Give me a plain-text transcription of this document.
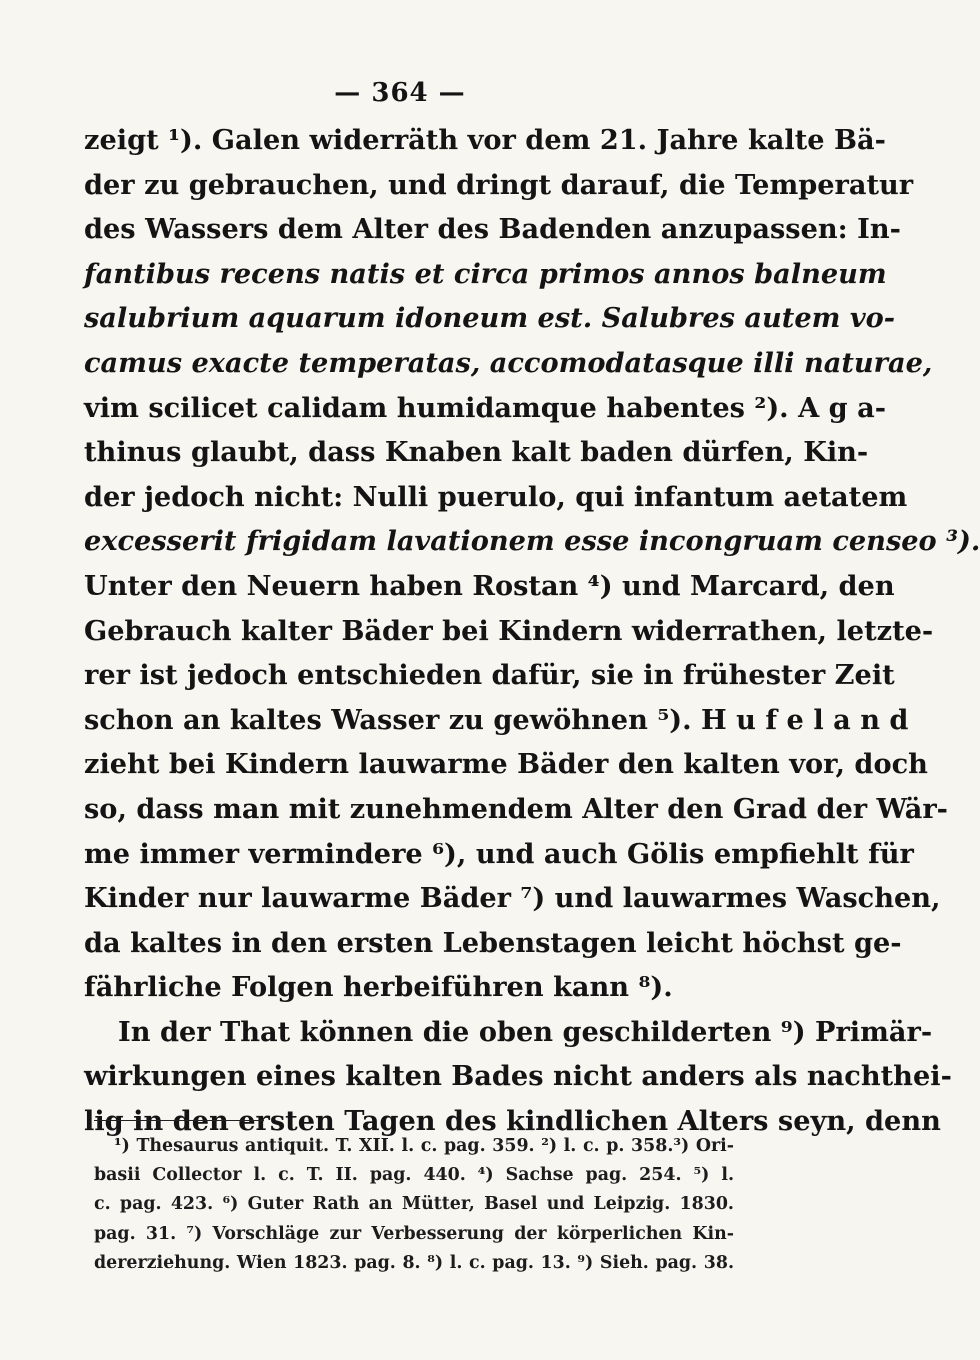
— 364 —
zeigt ¹). Galen widerräth vor dem 21. Jahre kalte Bä-
der zu gebrauchen, und dringt darauf, die Temperatur
des Wassers dem Alter des Badenden anzupassen: In-
fantibus recens natis et circa primos annos balneum
salubrium aquarum idoneum est. Salubres autem vo-
camus exacte temperatas, accomodatasque illi naturae,
vim scilicet calidam humidamque habentes ²). A g a-
thinus glaubt, dass Knaben kalt baden dürfen, Kin-
der jedoch nicht: Nulli puerulo, qui infantum aetatem
excesserit frigidam lavationem esse incongruam censeo ³).
Unter den Neuern haben Rostan ⁴) und Marcard, den
Gebrauch kalter Bäder bei Kindern widerrathen, letzte-
rer ist jedoch entschieden dafür, sie in frühester Zeit
schon an kaltes Wasser zu gewöhnen ⁵). H u f e l a n d
zieht bei Kindern lauwarme Bäder den kalten vor, doch
so, dass man mit zunehmendem Alter den Grad der Wär-
me immer vermindere ⁶), und auch Gölis empfiehlt für
Kinder nur lauwarme Bäder ⁷) und lauwarmes Waschen,
da kaltes in den ersten Lebenstagen leicht höchst ge-
fährliche Folgen herbeiführen kann ⁸).
In der That können die oben geschilderten ⁹) Primär-
wirkungen eines kalten Bades nicht anders als nachthei-
lig in den ersten Tagen des kindlichen Alters seyn, denn
¹) Thesaurus antiquit. T. XII. l. c. pag. 359. ²) l. c. p. 358.³) Ori-
basii Collector l. c. T. II. pag. 440. ⁴) Sachse pag. 254. ⁵) l.
c. pag. 423. ⁶) Guter Rath an Mütter, Basel und Leipzig. 1830.
pag. 31. ⁷) Vorschläge zur Verbesserung der körperlichen Kin-
dererziehung. Wien 1823. pag. 8. ⁸) l. c. pag. 13. ⁹) Sieh. pag. 38.
